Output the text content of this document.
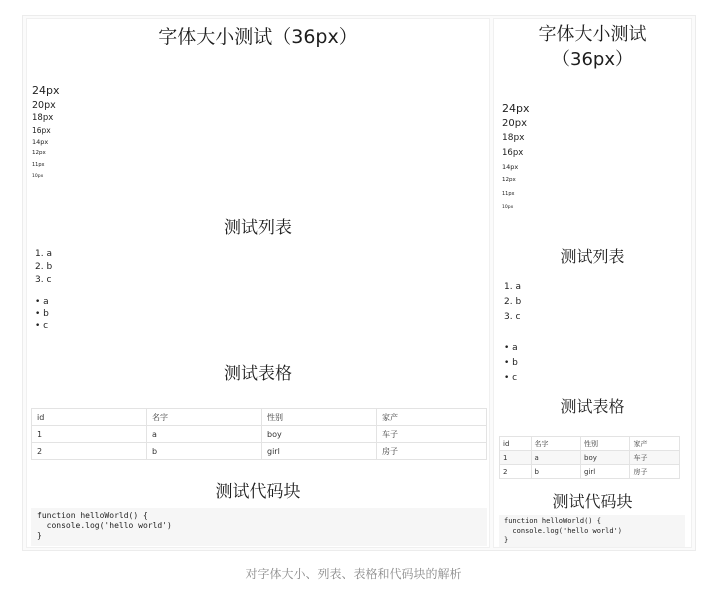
字体大小测试（36px）
24px
20px
18px
16px
14px
12px
11px
10px
测试列表
1. a
2. b
3. c
• a
• b
• c
测试表格
id	名字	性别	家产
1	a	boy	车子
2	b	girl	房子
测试代码块
function helloWorld() {
console.log('hello world')
}
字体大小测试
（36px）
24px
20px
18px
16px
14px
12px
11px
10px
测试列表
1. a
2. b
3. c
• a
• b
• c
测试表格
id	名字	性别	家产
1	a	boy	车子
2	b	girl	房子
测试代码块
function helloWorld() {
console.log('hello world')
}
对字体大小、列表、表格和代码块的解析
